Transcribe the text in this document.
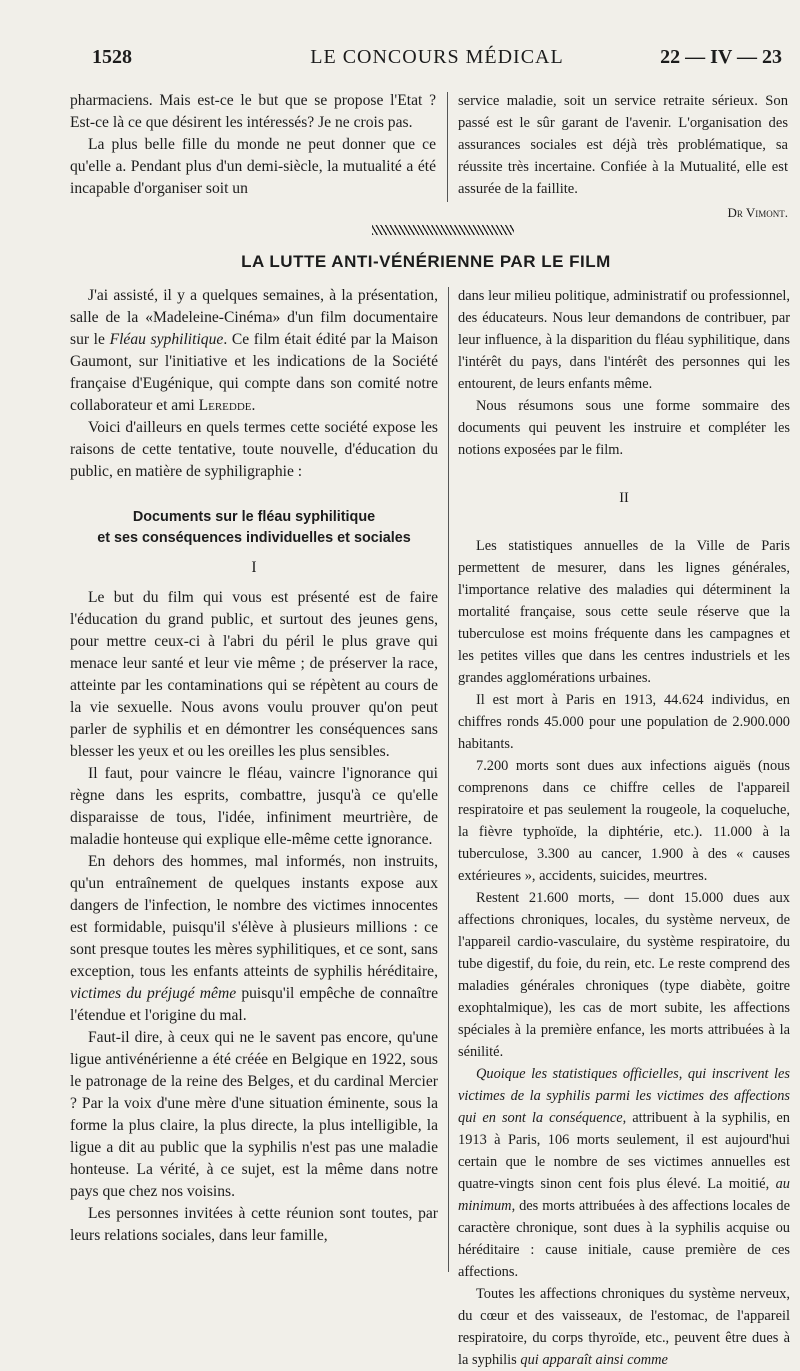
1528	LE CONCOURS MÉDICAL	22 — IV — 23

pharmaciens. Mais est-ce le but que se propose l'Etat ? Est-ce là ce que désirent les intéressés? Je ne crois pas.

La plus belle fille du monde ne peut donner que ce qu'elle a. Pendant plus d'un demi-siècle, la mutualité a été incapable d'organiser soit un

service maladie, soit un service retraite sérieux. Son passé est le sûr garant de l'avenir. L'organisation des assurances sociales est déjà très problématique, sa réussite très incertaine. Confiée à la Mutualité, elle est assurée de la faillite.

Dr Vimont.
LA LUTTE ANTI-VÉNÉRIENNE PAR LE FILM

J'ai assisté, il y a quelques semaines, à la présentation, salle de la «Madeleine-Cinéma» d'un film documentaire sur le Fléau syphilitique. Ce film était édité par la Maison Gaumont, sur l'initiative et les indications de la Société française d'Eugénique, qui compte dans son comité notre collaborateur et ami Leredde.

Voici d'ailleurs en quels termes cette société expose les raisons de cette tentative, toute nouvelle, d'éducation du public, en matière de syphiligraphie :

Documents sur le fléau syphilitique
et ses conséquences individuelles et sociales

I

Le but du film qui vous est présenté est de faire l'éducation du grand public, et surtout des jeunes gens, pour mettre ceux-ci à l'abri du péril le plus grave qui menace leur santé et leur vie même ; de préserver la race, atteinte par les contaminations qui se répètent au cours de la vie sexuelle. Nous avons voulu prouver qu'on peut parler de syphilis et en démontrer les conséquences sans blesser les yeux et ou les oreilles les plus sensibles.

Il faut, pour vaincre le fléau, vaincre l'ignorance qui règne dans les esprits, combattre, jusqu'à ce qu'elle disparaisse de tous, l'idée, infiniment meurtrière, de maladie honteuse qui explique elle-même cette ignorance.

En dehors des hommes, mal informés, non instruits, qu'un entraînement de quelques instants expose aux dangers de l'infection, le nombre des victimes innocentes est formidable, puisqu'il s'élève à plusieurs millions : ce sont presque toutes les mères syphilitiques, et ce sont, sans exception, tous les enfants atteints de syphilis héréditaire, victimes du préjugé même puisqu'il empêche de connaître l'étendue et l'origine du mal.

Faut-il dire, à ceux qui ne le savent pas encore, qu'une ligue antivénérienne a été créée en Belgique en 1922, sous le patronage de la reine des Belges, et du cardinal Mercier ? Par la voix d'une mère d'une situation éminente, sous la forme la plus claire, la plus directe, la plus intelligible, la ligue a dit au public que la syphilis n'est pas une maladie honteuse. La vérité, à ce sujet, est la même dans notre pays que chez nos voisins.

Les personnes invitées à cette réunion sont toutes, par leurs relations sociales, dans leur famille,

dans leur milieu politique, administratif ou professionnel, des éducateurs. Nous leur demandons de contribuer, par leur influence, à la disparition du fléau syphilitique, dans l'intérêt du pays, dans l'intérêt des personnes qui les entourent, de leurs enfants même.

Nous résumons sous une forme sommaire des documents qui peuvent les instruire et compléter les notions exposées par le film.

II

Les statistiques annuelles de la Ville de Paris permettent de mesurer, dans les lignes générales, l'importance relative des maladies qui déterminent la mortalité française, sous cette seule réserve que la tuberculose est moins fréquente dans les campagnes et les petites villes que dans les centres industriels et les grandes agglomérations urbaines.

Il est mort à Paris en 1913, 44.624 individus, en chiffres ronds 45.000 pour une population de 2.900.000 habitants.

7.200 morts sont dues aux infections aiguës (nous comprenons dans ce chiffre celles de l'appareil respiratoire et pas seulement la rougeole, la coqueluche, la fièvre typhoïde, la diphtérie, etc.). 11.000 à la tuberculose, 3.300 au cancer, 1.900 à des « causes extérieures », accidents, suicides, meurtres.

Restent 21.600 morts, — dont 15.000 dues aux affections chroniques, locales, du système nerveux, de l'appareil cardio-vasculaire, du système respiratoire, du tube digestif, du foie, du rein, etc. Le reste comprend des maladies générales chroniques (type diabète, goitre exophtalmique), les cas de mort subite, les affections spéciales à la première enfance, les morts attribuées à la sénilité.

Quoique les statistiques officielles, qui inscrivent les victimes de la syphilis parmi les victimes des affections qui en sont la conséquence, attribuent à la syphilis, en 1913 à Paris, 106 morts seulement, il est aujourd'hui certain que le nombre de ses victimes annuelles est quatre-vingts sinon cent fois plus élevé. La moitié, au minimum, des morts attribuées à des affections locales de caractère chronique, sont dues à la syphilis acquise ou héréditaire : cause initiale, cause première de ces affections.

Toutes les affections chroniques du système nerveux, du cœur et des vaisseaux, de l'estomac, de l'appareil respiratoire, du corps thyroïde, etc., peuvent être dues à la syphilis qui apparaît ainsi comme
